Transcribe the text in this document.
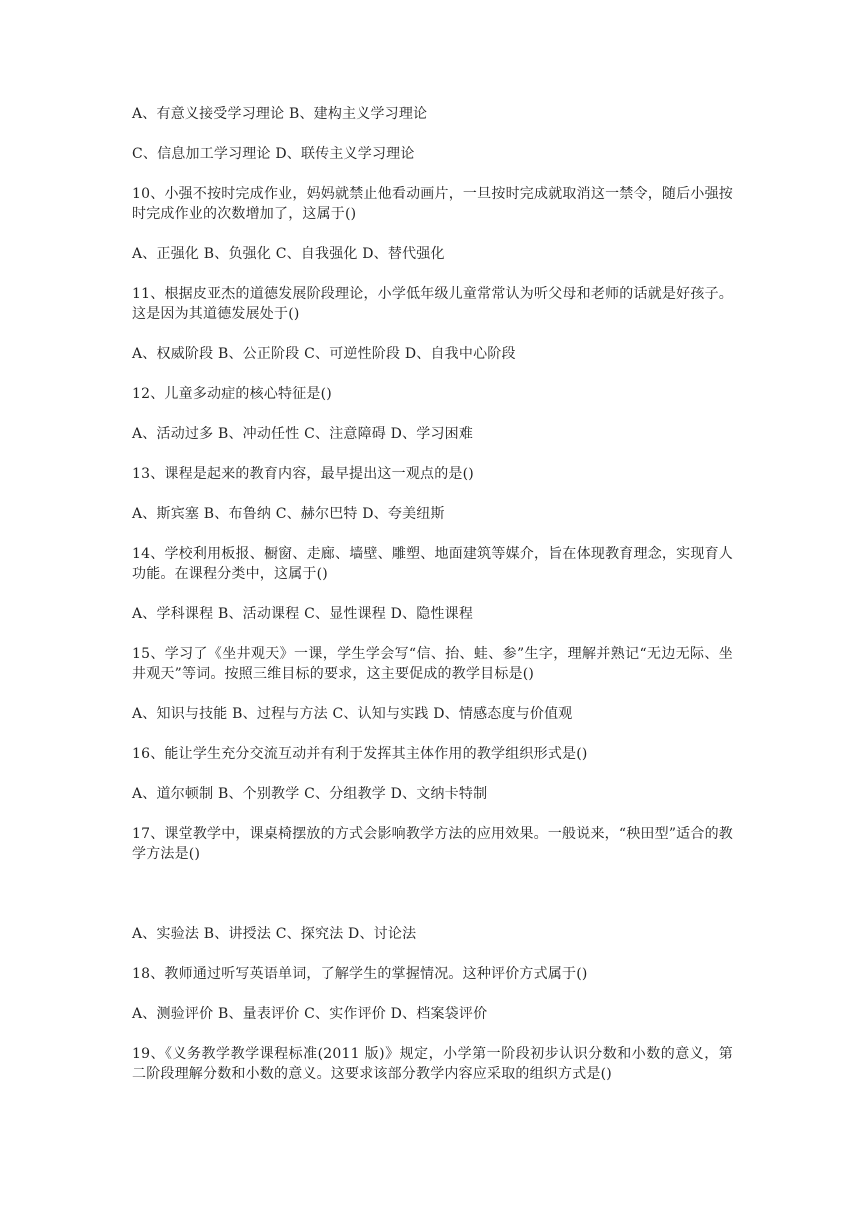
A、有意义接受学习理论 B、建构主义学习理论

C、信息加工学习理论 D、联传主义学习理论

10、小强不按时完成作业，妈妈就禁止他看动画片，一旦按时完成就取消这一禁令，随后小强按时完成作业的次数增加了，这属于()

A、正强化 B、负强化 C、自我强化 D、替代强化

11、根据皮亚杰的道德发展阶段理论，小学低年级儿童常常认为听父母和老师的话就是好孩子。这是因为其道德发展处于()

A、权威阶段 B、公正阶段 C、可逆性阶段 D、自我中心阶段

12、儿童多动症的核心特征是()

A、活动过多 B、冲动任性 C、注意障碍 D、学习困难

13、课程是起来的教育内容，最早提出这一观点的是()

A、斯宾塞 B、布鲁纳 C、赫尔巴特 D、夸美纽斯

14、学校利用板报、橱窗、走廊、墙壁、雕塑、地面建筑等媒介，旨在体现教育理念，实现育人功能。在课程分类中，这属于()

A、学科课程 B、活动课程 C、显性课程 D、隐性课程

15、学习了《坐井观天》一课，学生学会写“信、抬、蛙、参”生字，理解并熟记“无边无际、坐井观天”等词。按照三维目标的要求，这主要促成的教学目标是()

A、知识与技能 B、过程与方法 C、认知与实践 D、情感态度与价值观

16、能让学生充分交流互动并有利于发挥其主体作用的教学组织形式是()

A、道尔顿制 B、个别教学 C、分组教学 D、文纳卡特制

17、课堂教学中，课桌椅摆放的方式会影响教学方法的应用效果。一般说来，“秧田型”适合的教学方法是()

A、实验法 B、讲授法 C、探究法 D、讨论法

18、教师通过听写英语单词，了解学生的掌握情况。这种评价方式属于()

A、测验评价 B、量表评价 C、实作评价 D、档案袋评价

19、《义务教学教学课程标准(2011 版)》规定，小学第一阶段初步认识分数和小数的意义，第二阶段理解分数和小数的意义。这要求该部分教学内容应采取的组织方式是()
